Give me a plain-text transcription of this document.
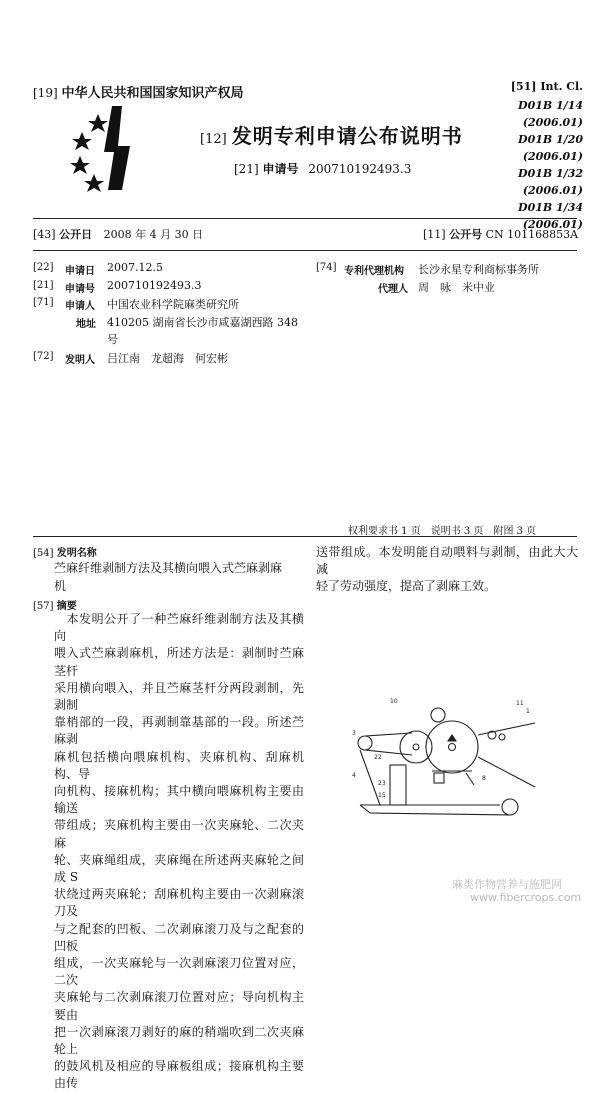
[19] 中华人民共和国国家知识产权局
[12] 发明专利申请公布说明书
[21] 申请号 200710192493.3
[51] Int. Cl.
D01B 1/14 (2006.01)
D01B 1/20 (2006.01)
D01B 1/32 (2006.01)
D01B 1/34 (2006.01)
[43] 公开日 2008 年 4 月 30 日	[11] 公开号 CN 101168853A
[22] 申请日 2007.12.5
[21] 申请号 200710192493.3
[71] 申请人 中国农业科学院麻类研究所
地址 410205 湖南省长沙市咸嘉湖西路 348
号
[72] 发明人 吕江南　龙超海　何宏彬
[74] 专利代理机构 长沙永星专利商标事务所
代理人 周　咏　米中业
权利要求书 1 页　说明书 3 页　附图 3 页
[54] 发明名称
苎麻纤维剥制方法及其横向喂入式苎麻剥麻
机
[57] 摘要
　本发明公开了一种苎麻纤维剥制方法及其横向
喂入式苎麻剥麻机，所述方法是：剥制时苎麻茎杆
采用横向喂入，并且苎麻茎杆分两段剥制，先剥制
靠梢部的一段，再剥制靠基部的一段。所述苎麻剥
麻机包括横向喂麻机构、夹麻机构、刮麻机构、导
向机构、接麻机构；其中横向喂麻机构主要由输送
带组成；夹麻机构主要由一次夹麻轮、二次夹麻
轮、夹麻绳组成，夹麻绳在所述两夹麻轮之间成 S
状绕过两夹麻轮；刮麻机构主要由一次剥麻滚刀及
与之配套的凹板、二次剥麻滚刀及与之配套的凹板
组成，一次夹麻轮与一次剥麻滚刀位置对应，二次
夹麻轮与二次剥麻滚刀位置对应；导向机构主要由
把一次剥麻滚刀剥好的麻的稍端吹到二次夹麻轮上
的鼓风机及相应的导麻板组成；接麻机构主要由传
送带组成。本发明能自动喂料与剥制，由此大大减
轻了劳动强度，提高了剥麻工效。
10	11
1
3
4
22
23
15
8
麻类作物营养与施肥网
www.fibercrops.com
